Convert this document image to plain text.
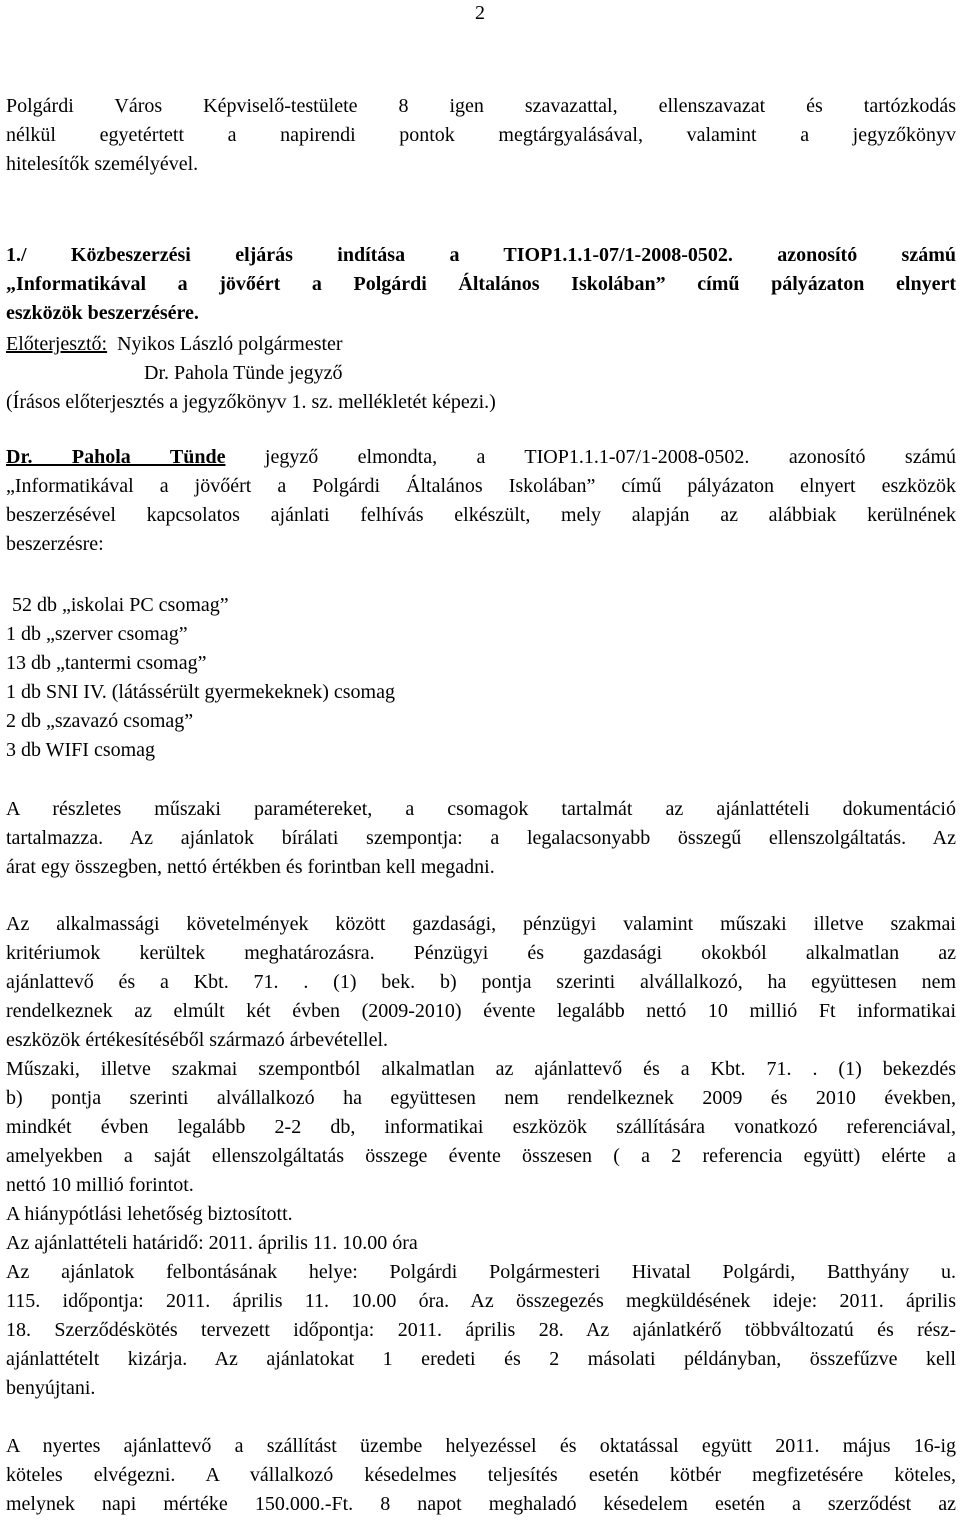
2
Polgárdi Város Képviselő-testülete 8 igen szavazattal, ellenszavazat és tartózkodás
nélkül egyetértett a napirendi pontok megtárgyalásával, valamint a jegyzőkönyv
hitelesítők személyével.
1./ Közbeszerzési eljárás indítása a TIOP1.1.1-07/1-2008-0502. azonosító számú
„Informatikával a jövőért a Polgárdi Általános Iskolában” című pályázaton elnyert
eszközök beszerzésére.
Előterjesztő: Nyikos László polgármester
Dr. Pahola Tünde jegyző
(Írásos előterjesztés a jegyzőkönyv 1. sz. mellékletét képezi.)
Dr. Pahola Tünde jegyző elmondta, a TIOP1.1.1-07/1-2008-0502. azonosító számú
„Informatikával a jövőért a Polgárdi Általános Iskolában” című pályázaton elnyert eszközök
beszerzésével kapcsolatos ajánlati felhívás elkészült, mely alapján az alábbiak kerülnének
beszerzésre:
52 db „iskolai PC csomag”
1 db „szerver csomag”
13 db „tantermi csomag”
1 db SNI IV. (látássérült gyermekeknek) csomag
2 db „szavazó csomag”
3 db WIFI csomag
A részletes műszaki paramétereket, a csomagok tartalmát az ajánlattételi dokumentáció
tartalmazza. Az ajánlatok bírálati szempontja: a legalacsonyabb összegű ellenszolgáltatás. Az
árat egy összegben, nettó értékben és forintban kell megadni.
Az alkalmassági követelmények között gazdasági, pénzügyi valamint műszaki illetve szakmai
kritériumok kerültek meghatározásra. Pénzügyi és gazdasági okokból alkalmatlan az
ajánlattevő és a Kbt. 71. . (1) bek. b) pontja szerinti alvállalkozó, ha együttesen nem
rendelkeznek az elmúlt két évben (2009-2010) évente legalább nettó 10 millió Ft informatikai
eszközök értékesítéséből származó árbevétellel.
Műszaki, illetve szakmai szempontból alkalmatlan az ajánlattevő és a Kbt. 71. . (1) bekezdés
b) pontja szerinti alvállalkozó ha együttesen nem rendelkeznek 2009 és 2010 években,
mindkét évben legalább 2-2 db, informatikai eszközök szállítására vonatkozó referenciával,
amelyekben a saját ellenszolgáltatás összege évente összesen ( a 2 referencia együtt) elérte a
nettó 10 millió forintot.
A hiánypótlási lehetőség biztosított.
Az ajánlattételi határidő: 2011. április 11. 10.00 óra
Az ajánlatok felbontásának helye: Polgárdi Polgármesteri Hivatal Polgárdi, Batthyány u.
115. időpontja: 2011. április 11. 10.00 óra. Az összegezés megküldésének ideje: 2011. április
18. Szerződéskötés tervezett időpontja: 2011. április 28. Az ajánlatkérő többváltozatú és rész-
ajánlattételt kizárja. Az ajánlatokat 1 eredeti és 2 másolati példányban, összefűzve kell
benyújtani.
A nyertes ajánlattevő a szállítást üzembe helyezéssel és oktatással együtt 2011. május 16-ig
köteles elvégezni. A vállalkozó késedelmes teljesítés esetén kötbér megfizetésére köteles,
melynek napi mértéke 150.000.-Ft. 8 napot meghaladó késedelem esetén a szerződést az
